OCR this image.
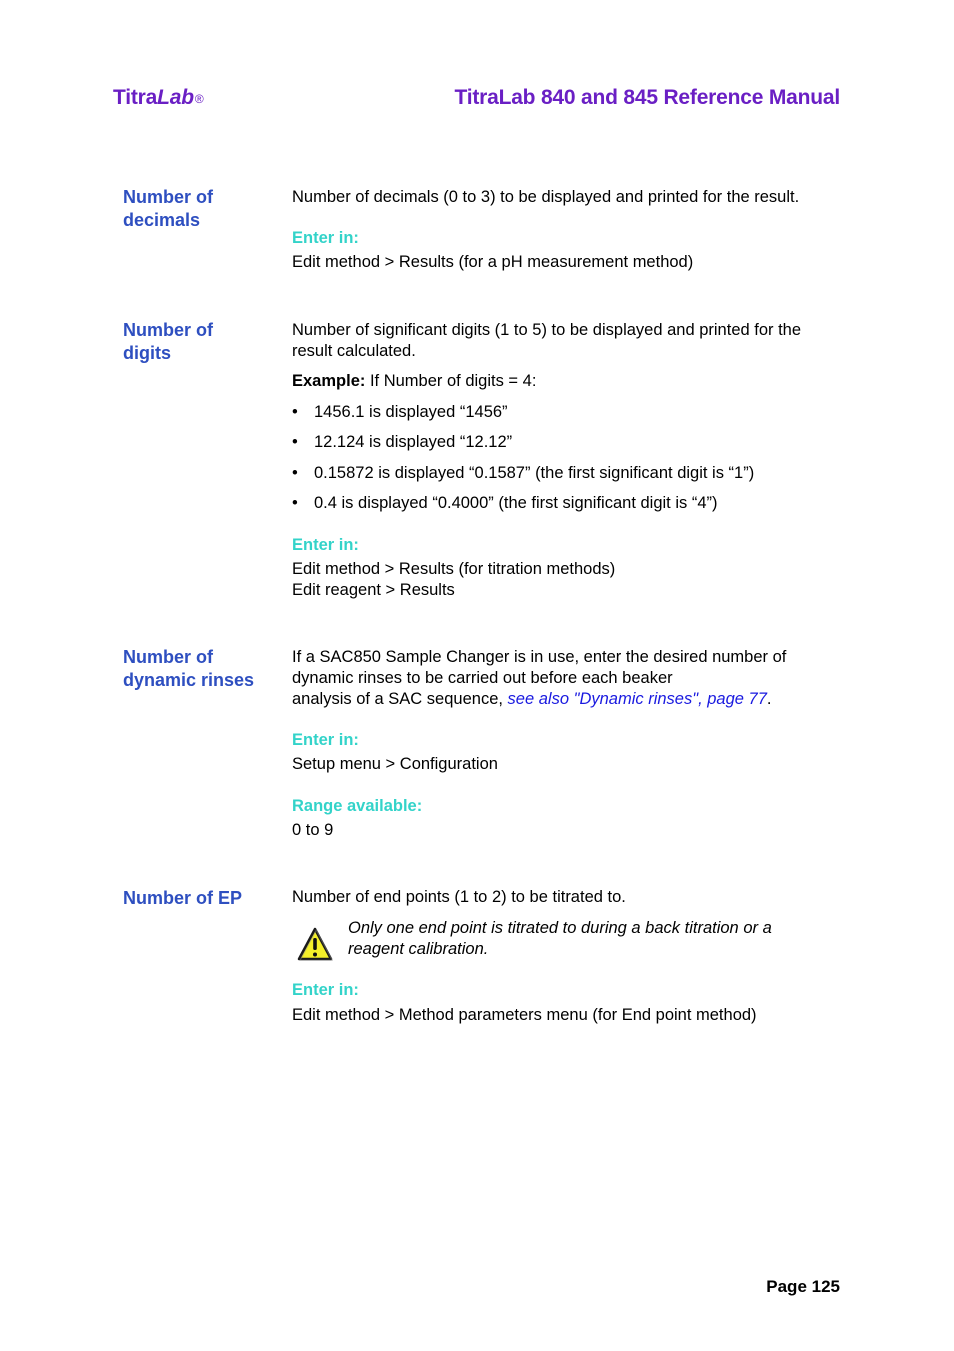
TitraLab®	TitraLab 840 and 845 Reference Manual
Number of
decimals
Number of decimals (0 to 3) to be displayed and printed for the result.
Enter in:
Edit method > Results (for a pH measurement method)
Number of
digits
Number of significant digits (1 to 5) to be displayed and printed for the
result calculated.
Example: If Number of digits = 4:
• 1456.1 is displayed “1456”
• 12.124 is displayed “12.12”
• 0.15872 is displayed “0.1587” (the first significant digit is “1”)
• 0.4 is displayed “0.4000” (the first significant digit is “4”)
Enter in:
Edit method > Results (for titration methods)
Edit reagent > Results
Number of
dynamic rinses
If a SAC850 Sample Changer is in use, enter the desired number of
dynamic rinses to be carried out before each beaker
analysis of a SAC sequence, see also "Dynamic rinses", page 77.
Enter in:
Setup menu > Configuration
Range available:
0 to 9
Number of EP	Number of end points (1 to 2) to be titrated to.
Only one end point is titrated to during a back titration or a
reagent calibration.
Enter in:
Edit method > Method parameters menu (for End point method)
Page 125
